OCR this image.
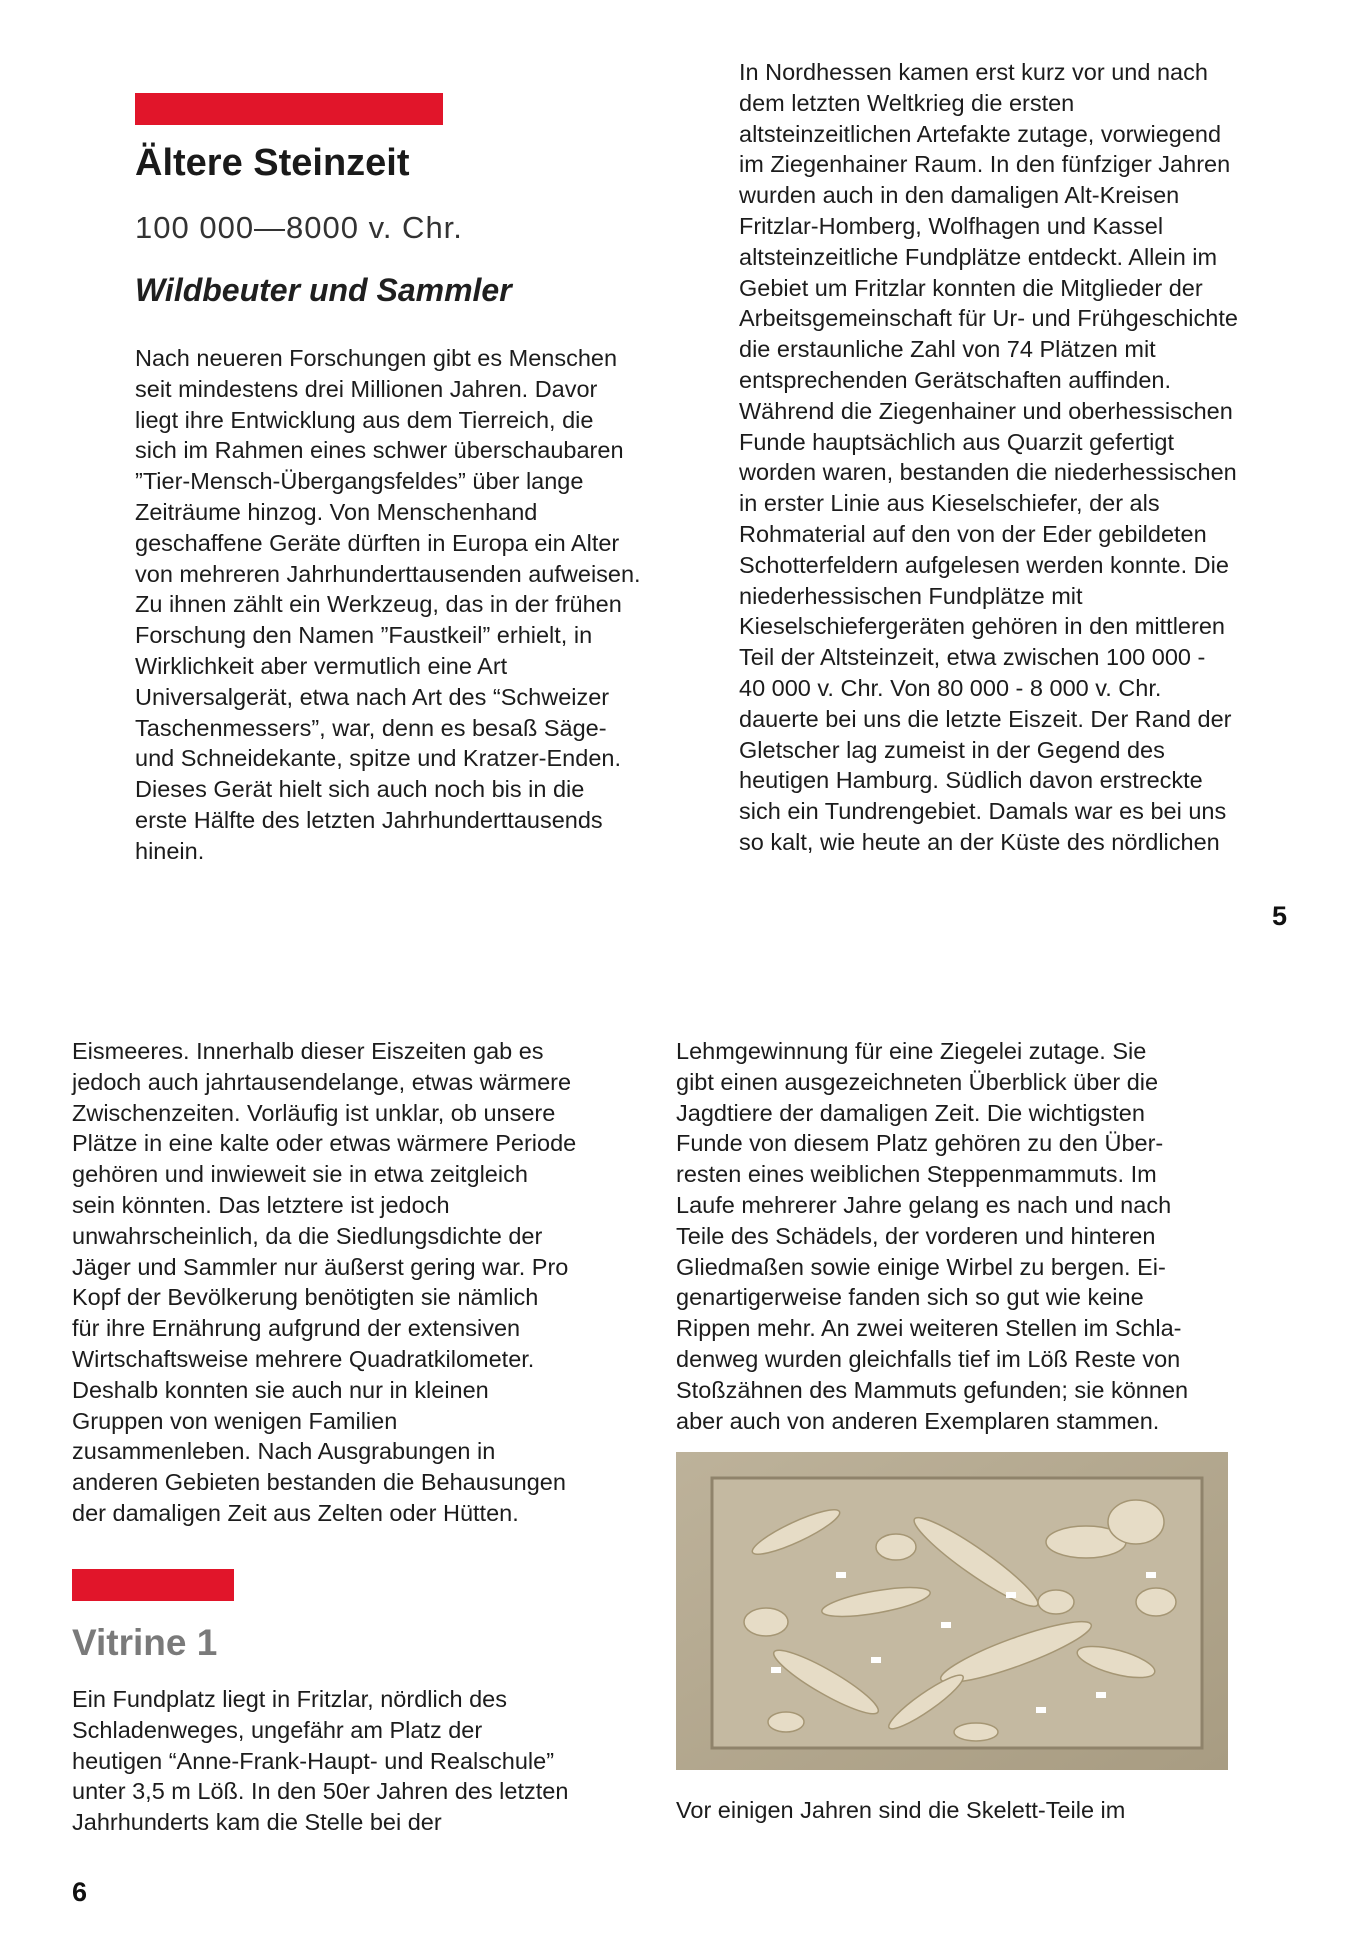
Ältere Steinzeit
100 000—8000 v. Chr.
Wildbeuter und Sammler
Nach neueren Forschungen gibt es Menschen
seit mindestens drei Millionen Jahren. Davor
liegt ihre Entwicklung aus dem Tierreich, die
sich im Rahmen eines schwer überschaubaren
”Tier-Mensch-Übergangsfeldes” über lange
Zeiträume hinzog. Von Menschenhand
geschaffene Geräte dürften in Europa ein Alter
von mehreren Jahrhunderttausenden aufweisen.
Zu ihnen zählt ein Werkzeug, das in der frühen
Forschung den Namen ”Faustkeil” erhielt, in
Wirklichkeit aber vermutlich eine Art
Universalgerät, etwa nach Art des “Schweizer
Taschenmessers”, war, denn es besaß Säge-
und Schneidekante, spitze und Kratzer-Enden.
Dieses Gerät hielt sich auch noch bis in die
erste Hälfte des letzten Jahrhunderttausends
hinein.
In Nordhessen kamen erst kurz vor und nach
dem letzten Weltkrieg die ersten
altsteinzeitlichen Artefakte zutage, vorwiegend
im Ziegenhainer Raum. In den fünfziger Jahren
wurden auch in den damaligen Alt-Kreisen
Fritzlar-Homberg, Wolfhagen und Kassel
altsteinzeitliche Fundplätze entdeckt. Allein im
Gebiet um Fritzlar konnten die Mitglieder der
Arbeitsgemeinschaft für Ur- und Frühgeschichte
die erstaunliche Zahl von 74 Plätzen mit
entsprechenden Gerätschaften auffinden.
Während die Ziegenhainer und oberhessischen
Funde hauptsächlich aus Quarzit gefertigt
worden waren, bestanden die niederhessischen
in erster Linie aus Kieselschiefer, der als
Rohmaterial auf den von der Eder gebildeten
Schotterfeldern aufgelesen werden konnte. Die
niederhessischen Fundplätze mit
Kieselschiefergeräten gehören in den mittleren
Teil der Altsteinzeit, etwa zwischen 100 000 -
40 000 v. Chr. Von 80 000 - 8 000 v. Chr.
dauerte bei uns die letzte Eiszeit. Der Rand der
Gletscher lag zumeist in der Gegend des
heutigen Hamburg. Südlich davon erstreckte
sich ein Tundrengebiet. Damals war es bei uns
so kalt, wie heute an der Küste des nördlichen
5
Eismeeres. Innerhalb dieser Eiszeiten gab es
jedoch auch jahrtausendelange, etwas wärmere
Zwischenzeiten. Vorläufig ist unklar, ob unsere
Plätze in eine kalte oder etwas wärmere Periode
gehören und inwieweit sie in etwa zeitgleich
sein könnten. Das letztere ist jedoch
unwahrscheinlich, da die Siedlungsdichte der
Jäger und Sammler nur äußerst gering war. Pro
Kopf der Bevölkerung benötigten sie nämlich
für ihre Ernährung aufgrund der extensiven
Wirtschaftsweise mehrere Quadratkilometer.
Deshalb konnten sie auch nur in kleinen
Gruppen von wenigen Familien
zusammenleben. Nach Ausgrabungen in
anderen Gebieten bestanden die Behausungen
der damaligen Zeit aus Zelten oder Hütten.
Vitrine 1
Ein Fundplatz liegt in Fritzlar, nördlich des
Schladenweges, ungefähr am Platz der
heutigen “Anne-Frank-Haupt- und Realschule”
unter 3,5 m Löß. In den 50er Jahren des letzten
Jahrhunderts kam die Stelle bei der
Lehmgewinnung für eine Ziegelei zutage. Sie
gibt einen ausgezeichneten Überblick über die
Jagdtiere der damaligen Zeit. Die wichtigsten
Funde von diesem Platz gehören zu den Über-
resten eines weiblichen Steppenmammuts. Im
Laufe mehrerer Jahre gelang es nach und nach
Teile des Schädels, der vorderen und hinteren
Gliedmaßen sowie einige Wirbel zu bergen. Ei-
genartigerweise fanden sich so gut wie keine
Rippen mehr. An zwei weiteren Stellen im Schla-
denweg wurden gleichfalls tief im Löß Reste von
Stoßzähnen des Mammuts gefunden; sie können
aber auch von anderen Exemplaren stammen.
Vor einigen Jahren sind die Skelett-Teile im
6
